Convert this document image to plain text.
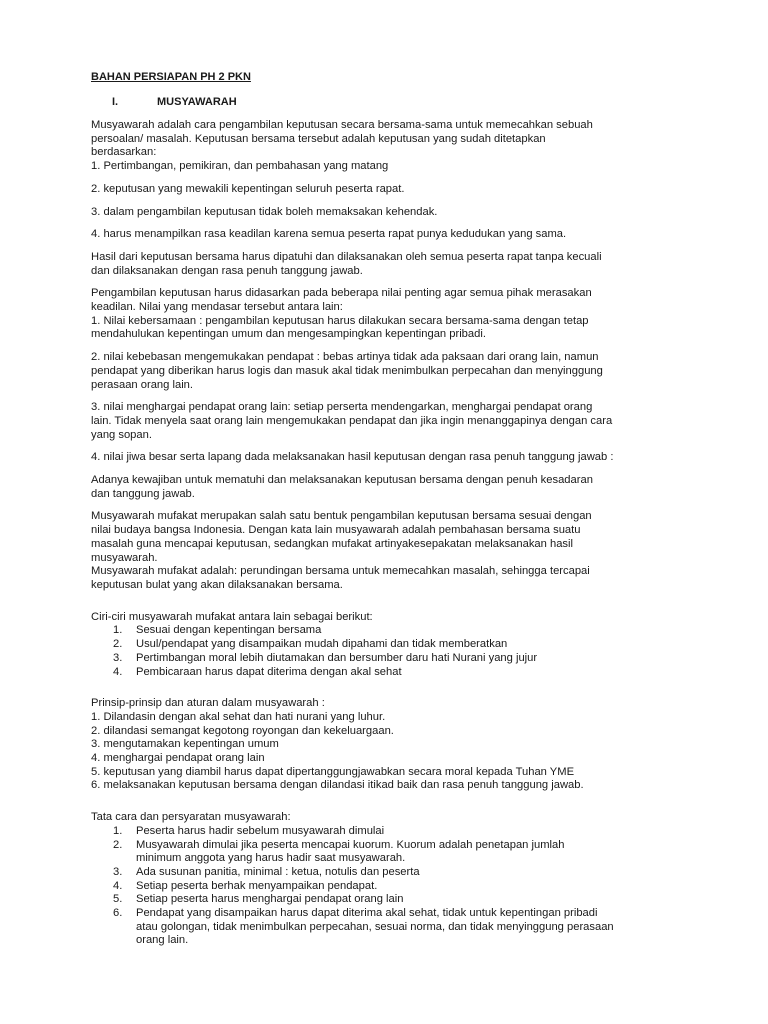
BAHAN PERSIAPAN PH 2 PKN
I.	MUSYAWARAH

Musyawarah adalah cara pengambilan keputusan secara bersama-sama untuk memecahkan sebuah
persoalan/ masalah. Keputusan bersama tersebut adalah keputusan yang sudah ditetapkan
berdasarkan:
1. Pertimbangan, pemikiran, dan pembahasan yang matang

2. keputusan yang mewakili kepentingan seluruh peserta rapat.

3. dalam pengambilan keputusan tidak boleh memaksakan kehendak.

4. harus menampilkan rasa keadilan karena semua peserta rapat punya kedudukan yang sama.

Hasil dari keputusan bersama harus dipatuhi dan dilaksanakan oleh semua peserta rapat tanpa kecuali
dan dilaksanakan dengan rasa penuh tanggung jawab.

Pengambilan keputusan harus didasarkan pada beberapa nilai penting agar semua pihak merasakan
keadilan. Nilai yang mendasar tersebut antara lain:
1. Nilai kebersamaan : pengambilan keputusan harus dilakukan secara bersama-sama dengan tetap
mendahulukan kepentingan umum dan mengesampingkan kepentingan pribadi.

2. nilai kebebasan mengemukakan pendapat : bebas artinya tidak ada paksaan dari orang lain, namun
pendapat yang diberikan harus logis dan masuk akal tidak menimbulkan perpecahan dan menyinggung
perasaan orang lain.

3. nilai menghargai pendapat orang lain: setiap perserta mendengarkan, menghargai pendapat orang
lain. Tidak menyela saat orang lain mengemukakan pendapat dan jika ingin menanggapinya dengan cara
yang sopan.

4. nilai jiwa besar serta lapang dada melaksanakan hasil keputusan dengan rasa penuh tanggung jawab :

Adanya kewajiban untuk mematuhi dan melaksanakan keputusan bersama dengan penuh kesadaran
dan tanggung jawab.

Musyawarah mufakat merupakan salah satu bentuk pengambilan keputusan bersama sesuai dengan
nilai budaya bangsa Indonesia. Dengan kata lain musyawarah adalah pembahasan bersama suatu
masalah guna mencapai keputusan, sedangkan mufakat artinyakesepakatan melaksanakan hasil
musyawarah.
Musyawarah mufakat adalah: perundingan bersama untuk memecahkan masalah, sehingga tercapai
keputusan bulat yang akan dilaksanakan bersama.

Ciri-ciri musyawarah mufakat antara lain sebagai berikut:

1. Sesuai dengan kepentingan bersama
2. Usul/pendapat yang disampaikan mudah dipahami dan tidak memberatkan
3. Pertimbangan moral lebih diutamakan dan bersumber daru hati Nurani yang jujur
4. Pembicaraan harus dapat diterima dengan akal sehat

Prinsip-prinsip dan aturan dalam musyawarah :
1. Dilandasin dengan akal sehat dan hati nurani yang luhur.
2. dilandasi semangat kegotong royongan dan kekeluargaan.
3. mengutamakan kepentingan umum
4. menghargai pendapat orang lain
5. keputusan yang diambil harus dapat dipertanggungjawabkan secara moral kepada Tuhan YME
6. melaksanakan keputusan bersama dengan dilandasi itikad baik dan rasa penuh tanggung jawab.

Tata cara dan persyaratan musyawarah:

1. Peserta harus hadir sebelum musyawarah dimulai
2. Musyawarah dimulai jika peserta mencapai kuorum. Kuorum adalah penetapan jumlah
minimum anggota yang harus hadir saat musyawarah.
3. Ada susunan panitia, minimal : ketua, notulis dan peserta
4. Setiap peserta berhak menyampaikan pendapat.
5. Setiap peserta harus menghargai pendapat orang lain
6. Pendapat yang disampaikan harus dapat diterima akal sehat, tidak untuk kepentingan pribadi
atau golongan, tidak menimbulkan perpecahan, sesuai norma, dan tidak menyinggung perasaan
orang lain.
